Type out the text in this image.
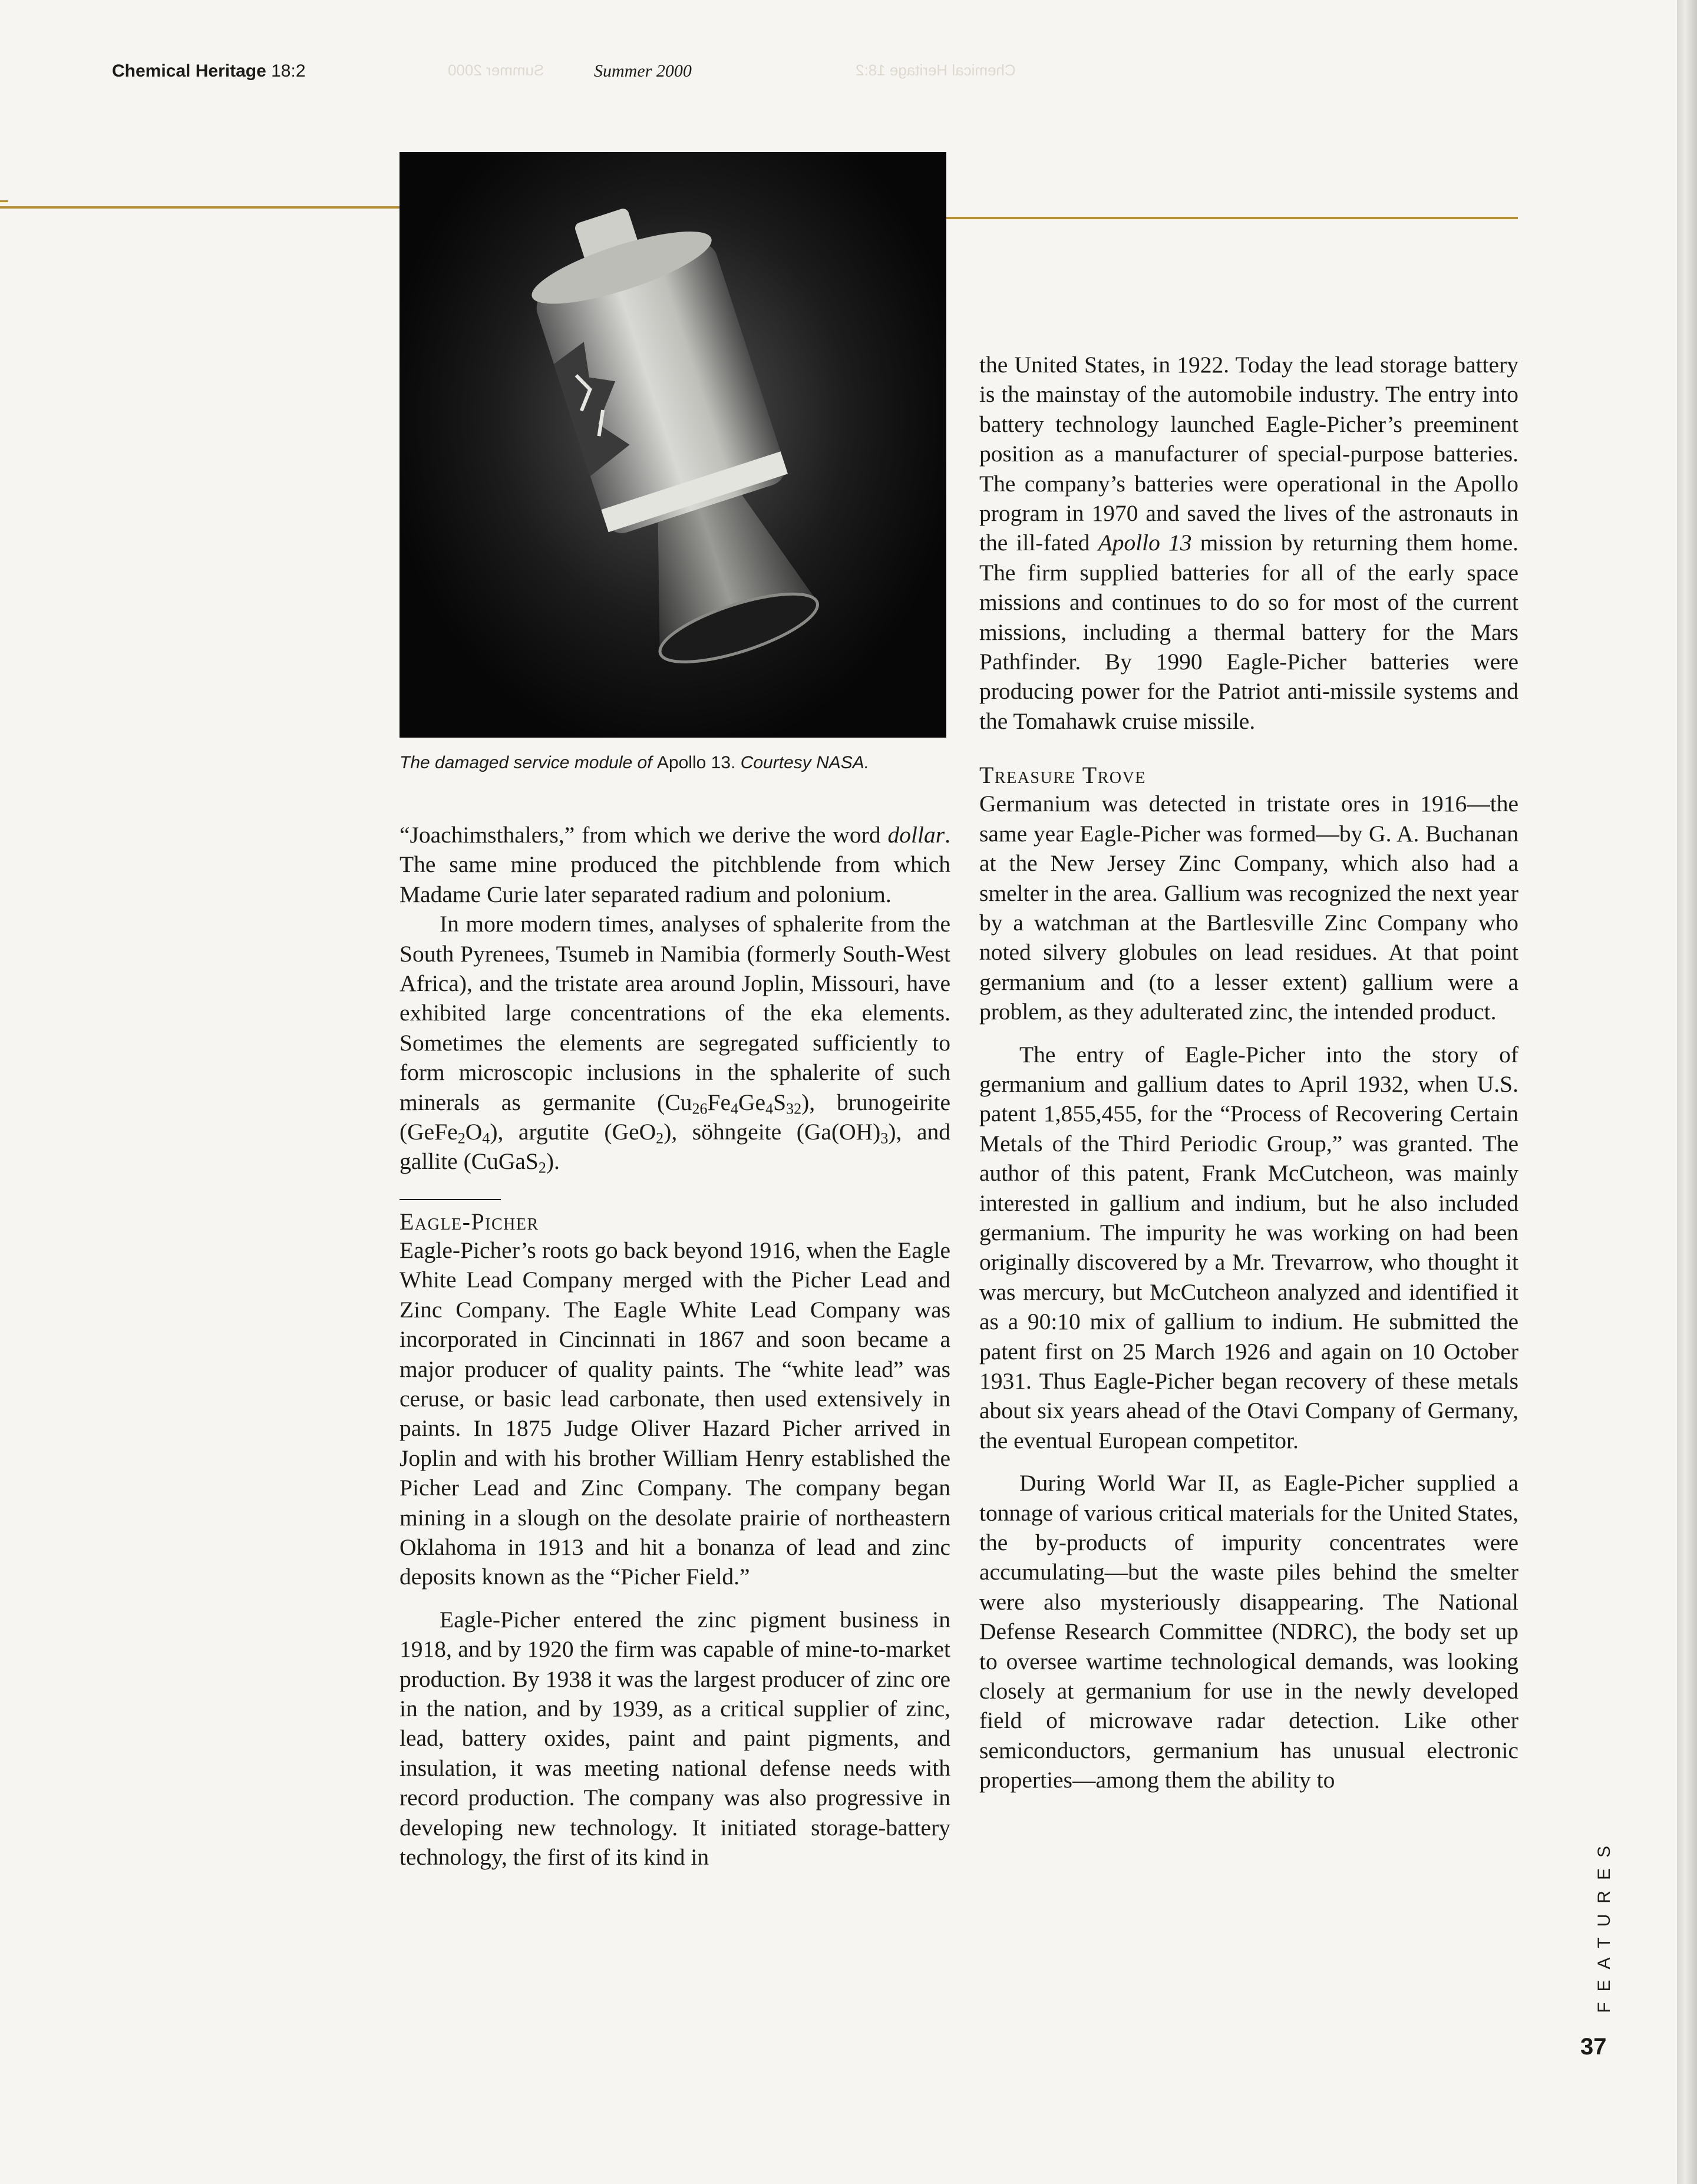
Chemical Heritage 18:2	Summer 2000
Summer 2000	Chemical Heritage 18:2
The damaged service module of Apollo 13. Courtesy NASA.

“Joachimsthalers,” from which we derive the word dollar. The same mine produced the pitchblende from which Madame Curie later separated radium and polonium.

In more modern times, analyses of sphalerite from the South Pyrenees, Tsumeb in Namibia (formerly South-West Africa), and the tristate area around Joplin, Missouri, have exhibited large concentrations of the eka elements. Sometimes the elements are segregated sufficiently to form microscopic inclusions in the sphalerite of such minerals as germanite $(Cu_{26}Fe_4Ge_4S_{32})$, brunogeirite $(GeFe_2O_4)$, argutite (GeO$_2$), söhngeite $(Ga(OH)_3)$, and gallite (CuGaS$_2$).

Eagle-Picher

Eagle-Picher’s roots go back beyond 1916, when the Eagle White Lead Company merged with the Picher Lead and Zinc Company. The Eagle White Lead Company was incorporated in Cincinnati in 1867 and soon became a major producer of quality paints. The “white lead” was ceruse, or basic lead carbonate, then used extensively in paints. In 1875 Judge Oliver Hazard Picher arrived in Joplin and with his brother William Henry established the Picher Lead and Zinc Company. The company began mining in a slough on the desolate prairie of northeastern Oklahoma in 1913 and hit a bonanza of lead and zinc deposits known as the “Picher Field.”

Eagle-Picher entered the zinc pigment business in 1918, and by 1920 the firm was capable of mine-to-market production. By 1938 it was the largest producer of zinc ore in the nation, and by 1939, as a critical supplier of zinc, lead, battery oxides, paint and paint pigments, and insulation, it was meeting national defense needs with record production. The company was also progressive in developing new technology. It initiated storage-battery technology, the first of its kind in

the United States, in 1922. Today the lead storage battery is the mainstay of the automobile industry. The entry into battery technology launched Eagle-Picher’s preeminent position as a manufacturer of special-purpose batteries. The company’s batteries were operational in the Apollo program in 1970 and saved the lives of the astronauts in the ill-fated Apollo 13 mission by returning them home. The firm supplied batteries for all of the early space missions and continues to do so for most of the current missions, including a thermal battery for the Mars Pathfinder. By 1990 Eagle-Picher batteries were producing power for the Patriot anti-missile systems and the Tomahawk cruise missile.

Treasure Trove

Germanium was detected in tristate ores in 1916—the same year Eagle-Picher was formed—by G. A. Buchanan at the New Jersey Zinc Company, which also had a smelter in the area. Gallium was recognized the next year by a watchman at the Bartlesville Zinc Company who noted silvery globules on lead residues. At that point germanium and (to a lesser extent) gallium were a problem, as they adulterated zinc, the intended product.

The entry of Eagle-Picher into the story of germanium and gallium dates to April 1932, when U.S. patent 1,855,455, for the “Process of Recovering Certain Metals of the Third Periodic Group,” was granted. The author of this patent, Frank McCutcheon, was mainly interested in gallium and indium, but he also included germanium. The impurity he was working on had been originally discovered by a Mr. Trevarrow, who thought it was mercury, but McCutcheon analyzed and identified it as a 90:10 mix of gallium to indium. He submitted the patent first on 25 March 1926 and again on 10 October 1931. Thus Eagle-Picher began recovery of these metals about six years ahead of the Otavi Company of Germany, the eventual European competitor.

During World War II, as Eagle-Picher supplied a tonnage of various critical materials for the United States, the by-products of impurity concentrates were accumulating—but the waste piles behind the smelter were also mysteriously disappearing. The National Defense Research Committee (NDRC), the body set up to oversee wartime technological demands, was looking closely at germanium for use in the newly developed field of microwave radar detection. Like other semiconductors, germanium has unusual electronic properties—among them the ability to

FEATURES
37
